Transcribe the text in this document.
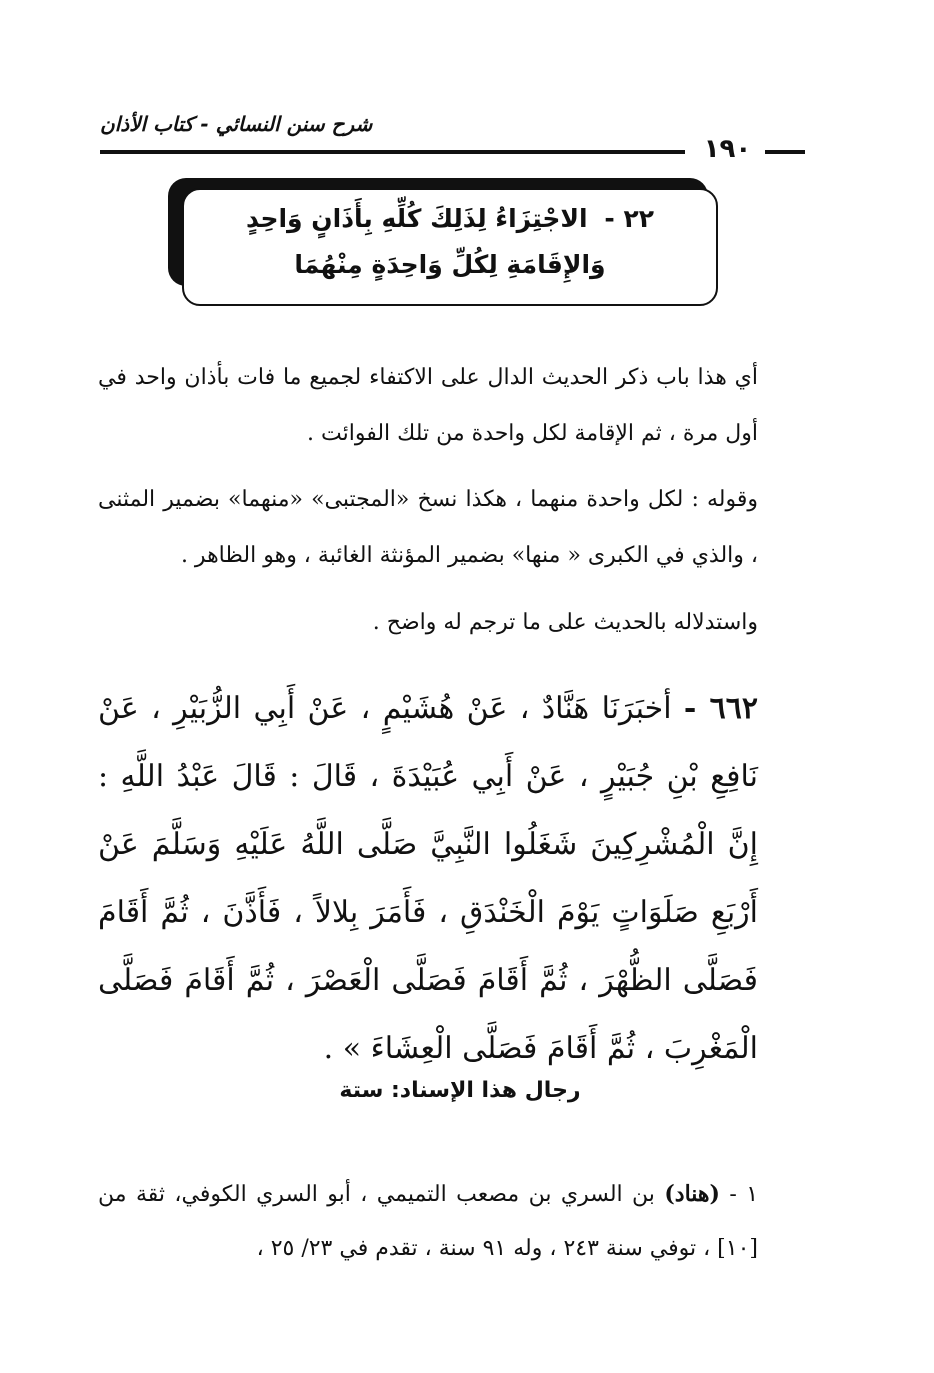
شرح سنن النسائي - كتاب الأذان
١٩٠
٢٢ - الاجْتِزَاءُ لِذَلِكَ كُلِّهِ بِأَذَانٍ وَاحِدٍ
وَالإِقَامَةِ لِكُلِّ وَاحِدَةٍ مِنْهُمَا

أي هذا باب ذكر الحديث الدال على الاكتفاء لجميع ما فات بأذان واحد في أول مرة ، ثم الإقامة لكل واحدة من تلك الفوائت .

وقوله : لكل واحدة منهما ، هكذا نسخ «المجتبى» «منهما» بضمير المثنى ، والذي في الكبرى « منها» بضمير المؤنثة الغائبة ، وهو الظاهر .

واستدلاله بالحديث على ما ترجم له واضح .

٦٦٢ - أخبَرَنَا هَنَّادٌ ، عَنْ هُشَيْمٍ ، عَنْ أَبِي الزُّبَيْرِ ، عَنْ نَافِعِ بْنِ جُبَيْرٍ ، عَنْ أَبِي عُبَيْدَةَ ، قَالَ : قَالَ عَبْدُ اللَّهِ : إِنَّ الْمُشْرِكِينَ شَغَلُوا النَّبِيَّ صَلَّى اللَّهُ عَلَيْهِ وَسَلَّمَ عَنْ أَرْبَعِ صَلَوَاتٍ يَوْمَ الْخَنْدَقِ ، فَأَمَرَ بِلالاً ، فَأَذَّنَ ، ثُمَّ أَقَامَ فَصَلَّى الظُّهْرَ ، ثُمَّ أَقَامَ فَصَلَّى الْعَصْرَ ، ثُمَّ أَقَامَ فَصَلَّى الْمَغْرِبَ ، ثُمَّ أَقَامَ فَصَلَّى الْعِشَاءَ » .

رجال هذا الإسناد: ستة

١ - (هناد) بن السري بن مصعب التميمي ، أبو السري الكوفي، ثقة من [١٠] ، توفي سنة ٢٤٣ ، وله ٩١ سنة ، تقدم في ٢٣/ ٢٥ ،
